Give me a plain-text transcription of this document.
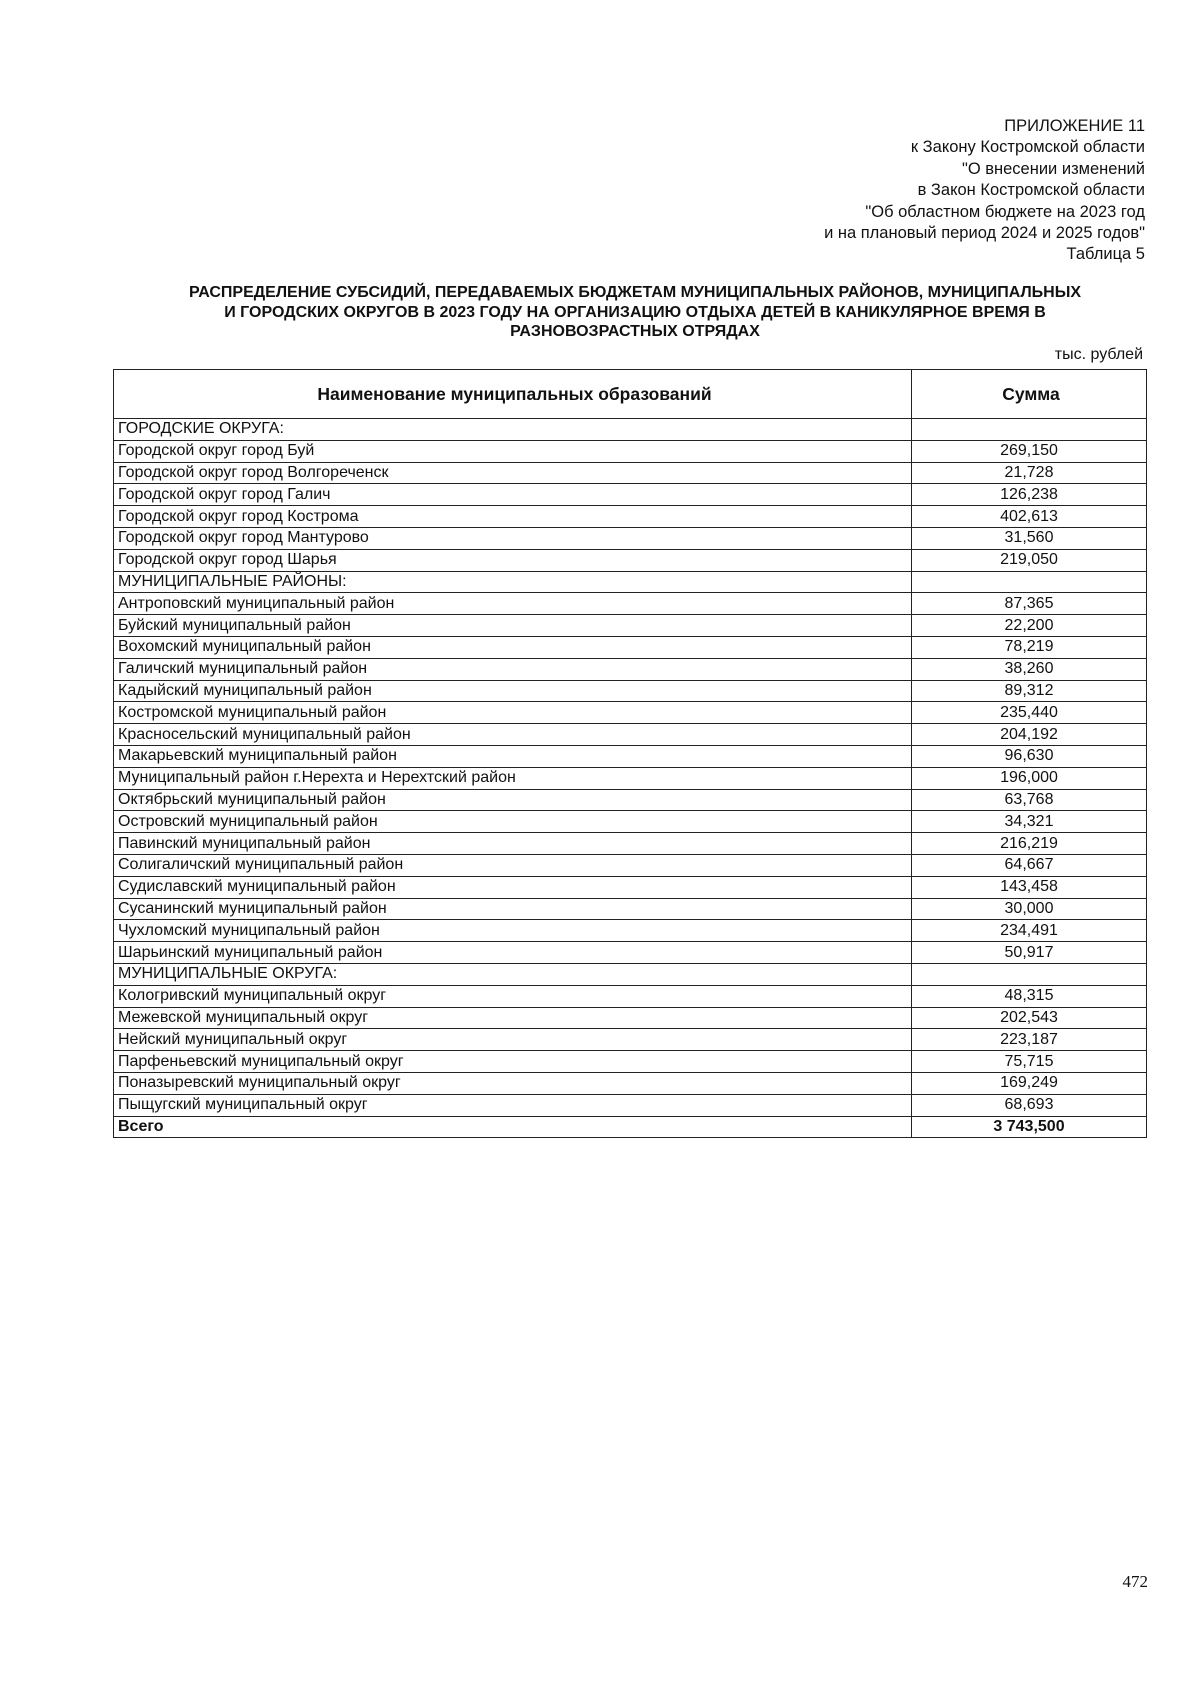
ПРИЛОЖЕНИЕ 11
к Закону Костромской области
"О внесении изменений
в Закон Костромской области
"Об областном бюджете на 2023 год
и на плановый период 2024 и 2025 годов"
Таблица 5
РАСПРЕДЕЛЕНИЕ СУБСИДИЙ, ПЕРЕДАВАЕМЫХ БЮДЖЕТАМ МУНИЦИПАЛЬНЫХ РАЙОНОВ, МУНИЦИПАЛЬНЫХ
И ГОРОДСКИХ ОКРУГОВ В 2023 ГОДУ НА ОРГАНИЗАЦИЮ ОТДЫХА ДЕТЕЙ В КАНИКУЛЯРНОЕ ВРЕМЯ В
РАЗНОВОЗРАСТНЫХ ОТРЯДАХ
тыс. рублей
Наименование муниципальных образований	Сумма
ГОРОДСКИЕ ОКРУГА:	
Городской округ город Буй	269,150
Городской округ город Волгореченск	21,728
Городской округ город Галич	126,238
Городской округ город Кострома	402,613
Городской округ город Мантурово	31,560
Городской округ город Шарья	219,050
МУНИЦИПАЛЬНЫЕ РАЙОНЫ:	
Антроповский муниципальный район	87,365
Буйский муниципальный район	22,200
Вохомский муниципальный район	78,219
Галичский муниципальный район	38,260
Кадыйский муниципальный район	89,312
Костромской муниципальный район	235,440
Красносельский муниципальный район	204,192
Макарьевский муниципальный район	96,630
Муниципальный район г.Нерехта и Нерехтский район	196,000
Октябрьский муниципальный район	63,768
Островский муниципальный район	34,321
Павинский муниципальный район	216,219
Солигаличский муниципальный район	64,667
Судиславский муниципальный район	143,458
Сусанинский муниципальный район	30,000
Чухломский муниципальный район	234,491
Шарьинский муниципальный район	50,917
МУНИЦИПАЛЬНЫЕ ОКРУГА:	
Кологривский муниципальный округ	48,315
Межевской муниципальный округ	202,543
Нейский муниципальный округ	223,187
Парфеньевский муниципальный округ	75,715
Поназыревский муниципальный округ	169,249
Пыщугский муниципальный округ	68,693
Всего	3 743,500
472
